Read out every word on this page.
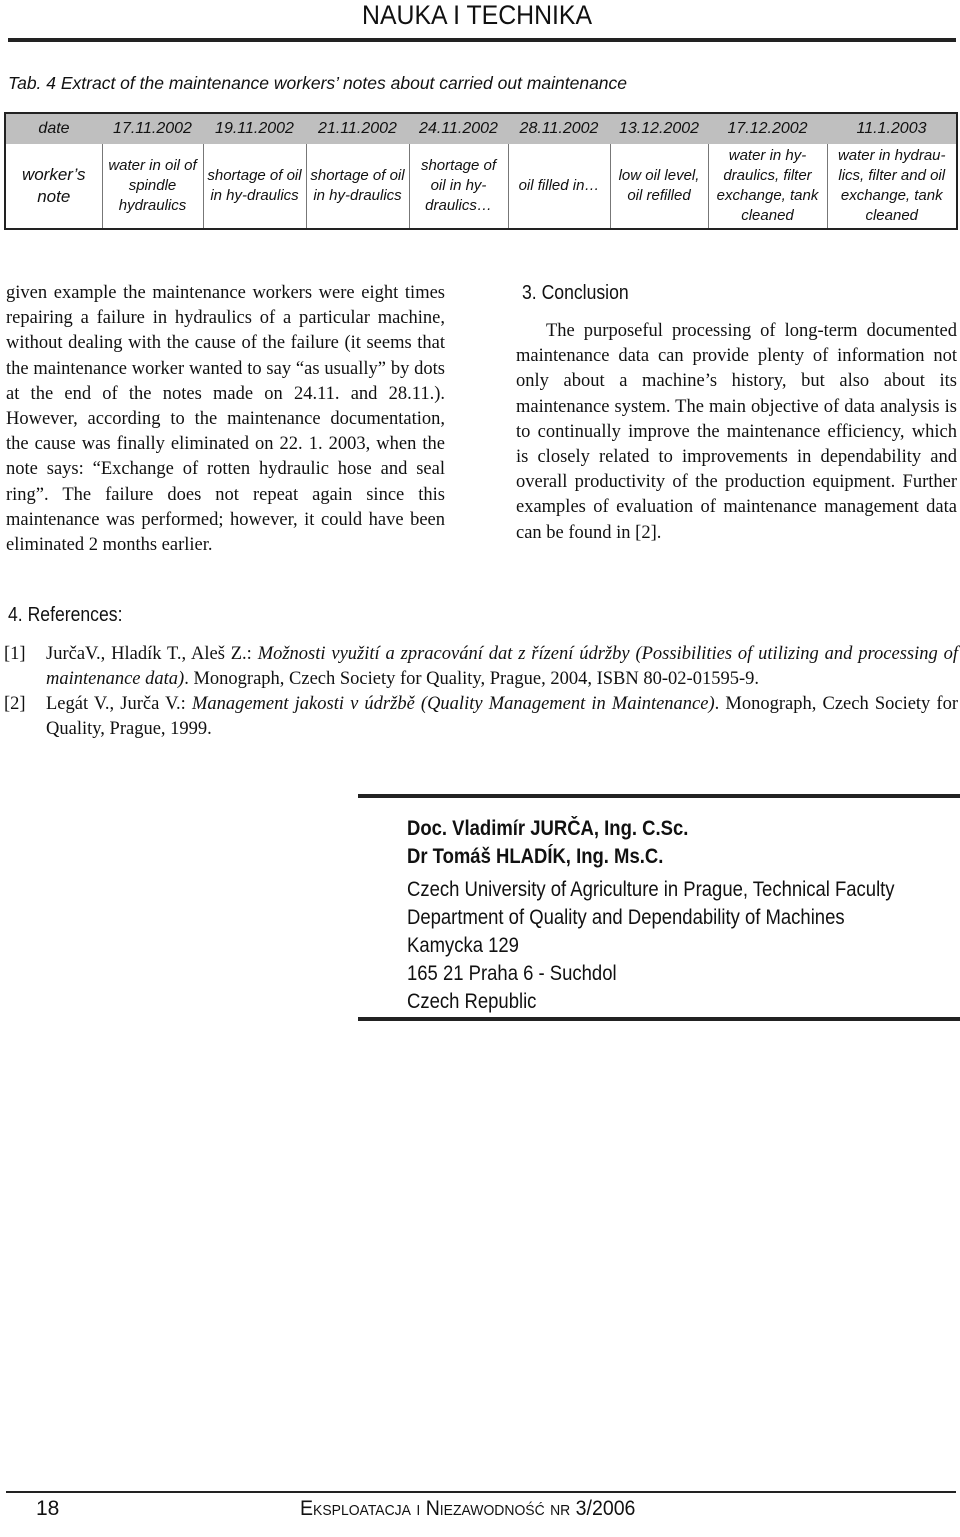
NAUKA I TECHNIKA
Tab. 4 Extract of the maintenance workers’ notes about carried out maintenance
date	17.11.2002	19.11.2002	21.11.2002	24.11.2002	28.11.2002	13.12.2002	17.12.2002	11.1.2003
worker’s note	water in oil of spindle hydraulics	shortage of oil in hy-draulics	shortage of oil in hy-draulics	shortage of oil in hy-draulics…	oil filled in…	low oil level, oil refilled	water in hy-draulics, filter exchange, tank cleaned	water in hydrau-lics, filter and oil exchange, tank cleaned
given example the maintenance workers were eight times repairing a failure in hydraulics of a particular machine, without dealing with the cause of the failure (it seems that the maintenance worker wanted to say “as usually” by dots at the end of the notes made on 24.11. and 28.11.). However, according to the maintenance documentation, the cause was finally eliminated on 22. 1. 2003, when the note says: “Exchange of rotten hydraulic hose and seal ring”. The failure does not repeat again since this maintenance was performed; however, it could have been eliminated 2 months earlier.
3. Conclusion
The purposeful processing of long-term documented maintenance data can provide plenty of information not only about a machine’s history, but also about its maintenance system. The main objective of data analysis is to continually improve the maintenance efficiency, which is closely related to improvements in dependability and overall productivity of the production equipment. Further examples of evaluation of maintenance management data can be found in [2].
4. References:
[1] JurčaV., Hladík T., Aleš Z.: Možnosti využití a zpracování dat z řízení údržby (Possibilities of utilizing and processing of maintenance data). Monograph, Czech Society for Quality, Prague, 2004, ISBN 80-02-01595-9.
[2] Legát V., Jurča V.: Management jakosti v údržbě (Quality Management in Maintenance). Monograph, Czech Society for Quality, Prague, 1999.
Doc. Vladimír JURČA, Ing. C.Sc.
Dr Tomáš HLADÍK, Ing. Ms.C.
Czech University of Agriculture in Prague, Technical Faculty
Department of Quality and Dependability of Machines
Kamycka 129
165 21 Praha 6 - Suchdol
Czech Republic
18	Eksploatacja i Niezawodność nr 3/2006
